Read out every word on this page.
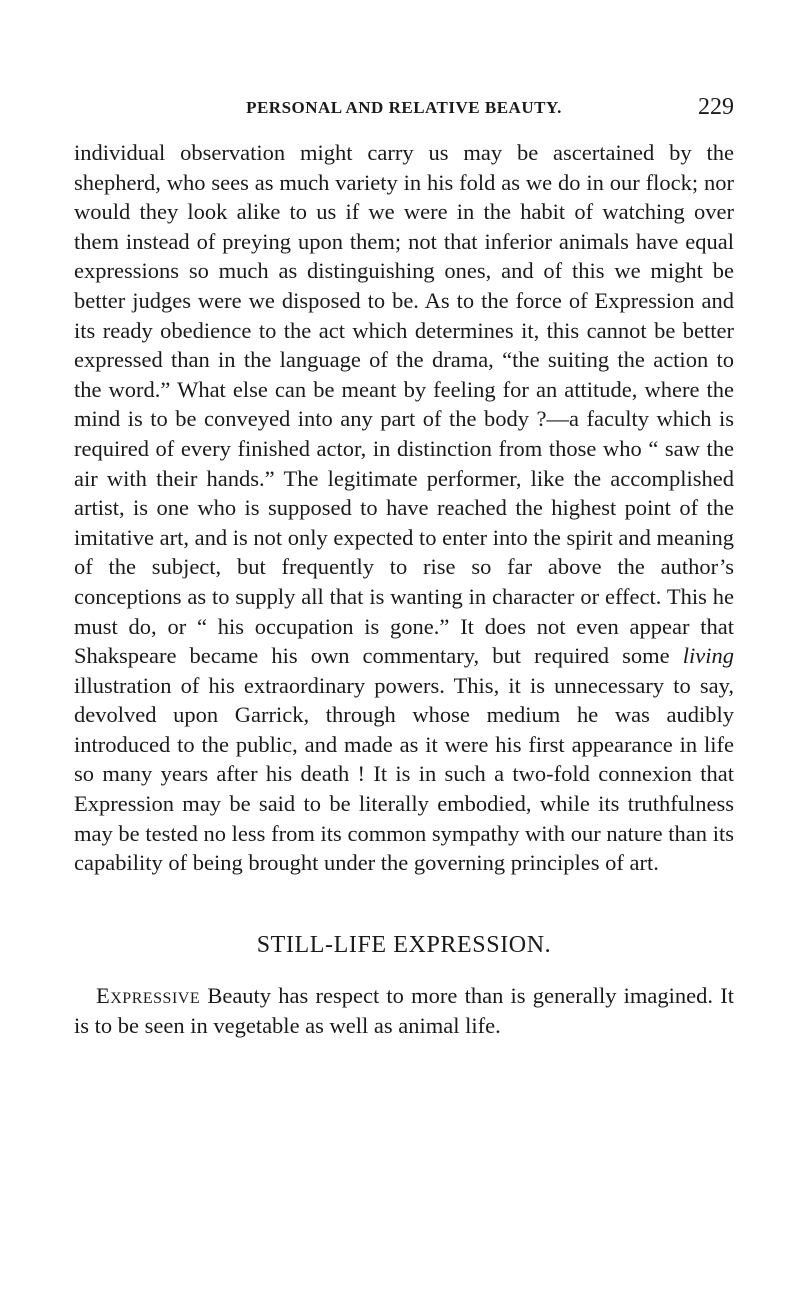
PERSONAL AND RELATIVE BEAUTY.	229

individual observation might carry us may be ascertained by the shepherd, who sees as much variety in his fold as we do in our flock; nor would they look alike to us if we were in the habit of watching over them instead of preying upon them; not that inferior animals have equal expressions so much as distinguishing ones, and of this we might be better judges were we disposed to be. As to the force of Expression and its ready obedience to the act which determines it, this cannot be better expressed than in the language of the drama, “the suiting the action to the word.” What else can be meant by feeling for an attitude, where the mind is to be conveyed into any part of the body ?—a faculty which is required of every finished actor, in distinction from those who “ saw the air with their hands.” The legitimate performer, like the accomplished artist, is one who is supposed to have reached the highest point of the imitative art, and is not only expected to enter into the spirit and meaning of the subject, but frequently to rise so far above the author’s conceptions as to supply all that is wanting in character or effect. This he must do, or “ his occupation is gone.” It does not even appear that Shakspeare became his own commentary, but required some living illustration of his extraordinary powers. This, it is unnecessary to say, devolved upon Garrick, through whose medium he was audibly introduced to the public, and made as it were his first appearance in life so many years after his death ! It is in such a two-fold connexion that Expression may be said to be literally embodied, while its truthfulness may be tested no less from its common sympathy with our nature than its capability of being brought under the governing principles of art.

STILL-LIFE EXPRESSION.

Expressive Beauty has respect to more than is generally imagined. It is to be seen in vegetable as well as animal life.
